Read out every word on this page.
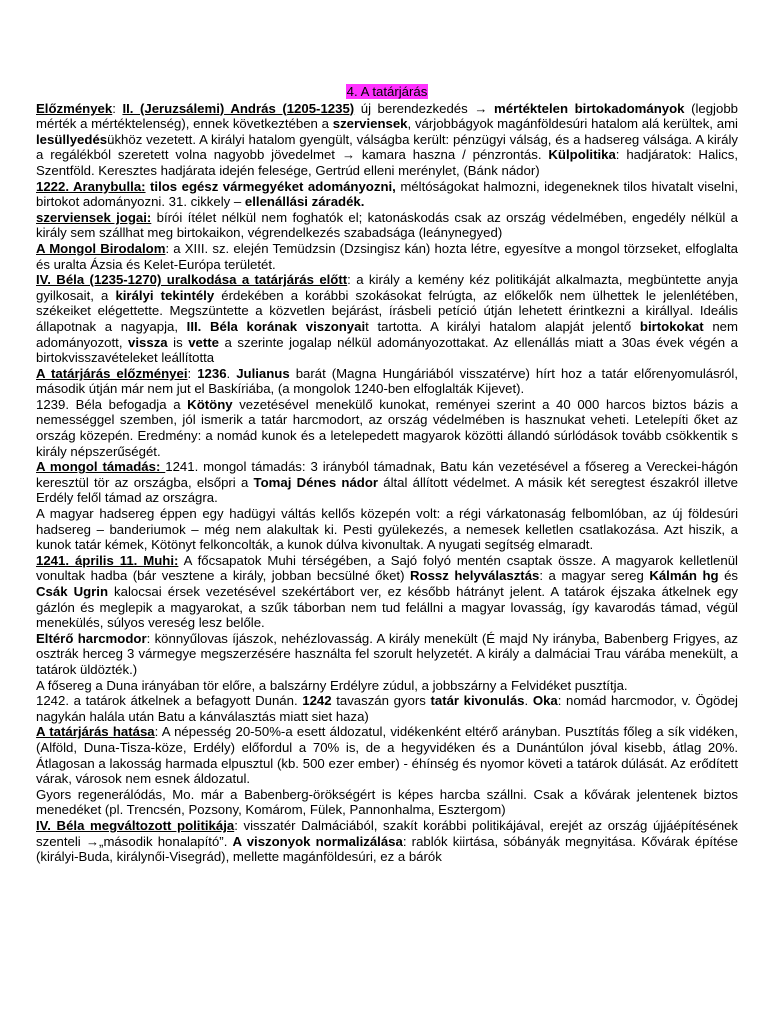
4. A tatárjárás

Előzmények: II. (Jeruzsálemi) András (1205-1235) új berendezkedés → mértéktelen birtokadományok (legjobb mérték a mértéktelenség), ennek következtében a szerviensek, várjobbágyok magánföldesúri hatalom alá kerültek, ami lesüllyedésükhöz vezetett. A királyi hatalom gyengült, válságba került: pénzügyi válság, és a hadsereg válsága. A király a regálékból szeretett volna nagyobb jövedelmet → kamara haszna / pénzrontás. Külpolitika: hadjáratok: Halics, Szentföld. Keresztes hadjárata idején felesége, Gertrúd elleni merénylet, (Bánk nádor)

1222. Aranybulla: tilos egész vármegyéket adományozni, méltóságokat halmozni, idegeneknek tilos hivatalt viselni, birtokot adományozni. 31. cikkely – ellenállási záradék.

szerviensek jogai: bírói ítélet nélkül nem foghatók el; katonáskodás csak az ország védelmében, engedély nélkül a király sem szállhat meg birtokaikon, végrendelkezés szabadsága (leánynegyed)

A Mongol Birodalom: a XIII. sz. elején Temüdzsin (Dzsingisz kán) hozta létre, egyesítve a mongol törzseket, elfoglalta és uralta Ázsia és Kelet-Európa területét.

IV. Béla (1235-1270) uralkodása a tatárjárás előtt: a király a kemény kéz politikáját alkalmazta, megbüntette anyja gyilkosait, a királyi tekintély érdekében a korábbi szokásokat felrúgta, az előkelők nem ülhettek le jelenlétében, székeiket elégettette. Megszüntette a közvetlen bejárást, írásbeli petíció útján lehetett érintkezni a királlyal. Ideális állapotnak a nagyapja, III. Béla korának viszonyait tartotta. A királyi hatalom alapját jelentő birtokokat nem adományozott, vissza is vette a szerinte jogalap nélkül adományozottakat. Az ellenállás miatt a 30as évek végén a birtokvisszavételeket leállította

A tatárjárás előzményei: 1236. Julianus barát (Magna Hungáriából visszatérve) hírt hoz a tatár előrenyomulásról, második útján már nem jut el Baskíriába, (a mongolok 1240-ben elfoglalták Kijevet).

1239. Béla befogadja a Kötöny vezetésével menekülő kunokat, reményei szerint a 40 000 harcos biztos bázis a nemességgel szemben, jól ismerik a tatár harcmodort, az ország védelmében is hasznukat veheti. Letelepíti őket az ország közepén. Eredmény: a nomád kunok és a letelepedett magyarok közötti állandó súrlódások tovább csökkentik s király népszerűségét.

A mongol támadás: 1241. mongol támadás: 3 irányból támadnak, Batu kán vezetésével a fősereg a Vereckei-hágón keresztül tör az országba, elsőpri a Tomaj Dénes nádor által állított védelmet. A másik két seregtest északról illetve Erdély felől támad az országra.

A magyar hadsereg éppen egy hadügyi váltás kellős közepén volt: a régi várkatonaság felbomlóban, az új földesúri hadsereg – banderiumok – még nem alakultak ki. Pesti gyülekezés, a nemesek kelletlen csatlakozása. Azt hiszik, a kunok tatár kémek, Kötönyt felkoncolták, a kunok dúlva kivonultak. A nyugati segítség elmaradt.

1241. április 11. Muhi: A főcsapatok Muhi térségében, a Sajó folyó mentén csaptak össze. A magyarok kelletlenül vonultak hadba (bár vesztene a király, jobban becsülné őket) Rossz helyválasztás: a magyar sereg Kálmán hg és Csák Ugrin kalocsai érsek vezetésével szekértábort ver, ez később hátrányt jelent. A tatárok éjszaka átkelnek egy gázlón és meglepik a magyarokat, a szűk táborban nem tud felállni a magyar lovasság, így kavarodás támad, végül menekülés, súlyos vereség lesz belőle.

Eltérő harcmodor: könnyűlovas íjászok, nehézlovasság. A király menekült (É majd Ny irányba, Babenberg Frigyes, az osztrák herceg 3 vármegye megszerzésére használta fel szorult helyzetét. A király a dalmáciai Trau várába menekült, a tatárok üldözték.)

A fősereg a Duna irányában tör előre, a balszárny Erdélyre zúdul, a jobbszárny a Felvidéket pusztítja.

1242. a tatárok átkelnek a befagyott Dunán. 1242 tavaszán gyors tatár kivonulás. Oka: nomád harcmodor, v. Ögödej nagykán halála után Batu a kánválasztás miatt siet haza)

A tatárjárás hatása: A népesség 20-50%-a esett áldozatul, vidékenként eltérő arányban. Pusztítás főleg a sík vidéken, (Alföld, Duna-Tisza-köze, Erdély) előfordul a 70% is, de a hegyvidéken és a Dunántúlon jóval kisebb, átlag 20%. Átlagosan a lakosság harmada elpusztul (kb. 500 ezer ember) - éhínség és nyomor követi a tatárok dúlását. Az erődített várak, városok nem esnek áldozatul.

Gyors regenerálódás, Mo. már a Babenberg-örökségért is képes harcba szállni. Csak a kővárak jelentenek biztos menedéket (pl. Trencsén, Pozsony, Komárom, Fülek, Pannonhalma, Esztergom)

IV. Béla megváltozott politikája: visszatér Dalmáciából, szakít korábbi politikájával, erejét az ország újjáépítésének szenteli →„második honalapító”. A viszonyok normalizálása: rablók kiirtása, sóbányák megnyitása. Kővárak építése (királyi-Buda, királynői-Visegrád), mellette magánföldesúri, ez a bárók
